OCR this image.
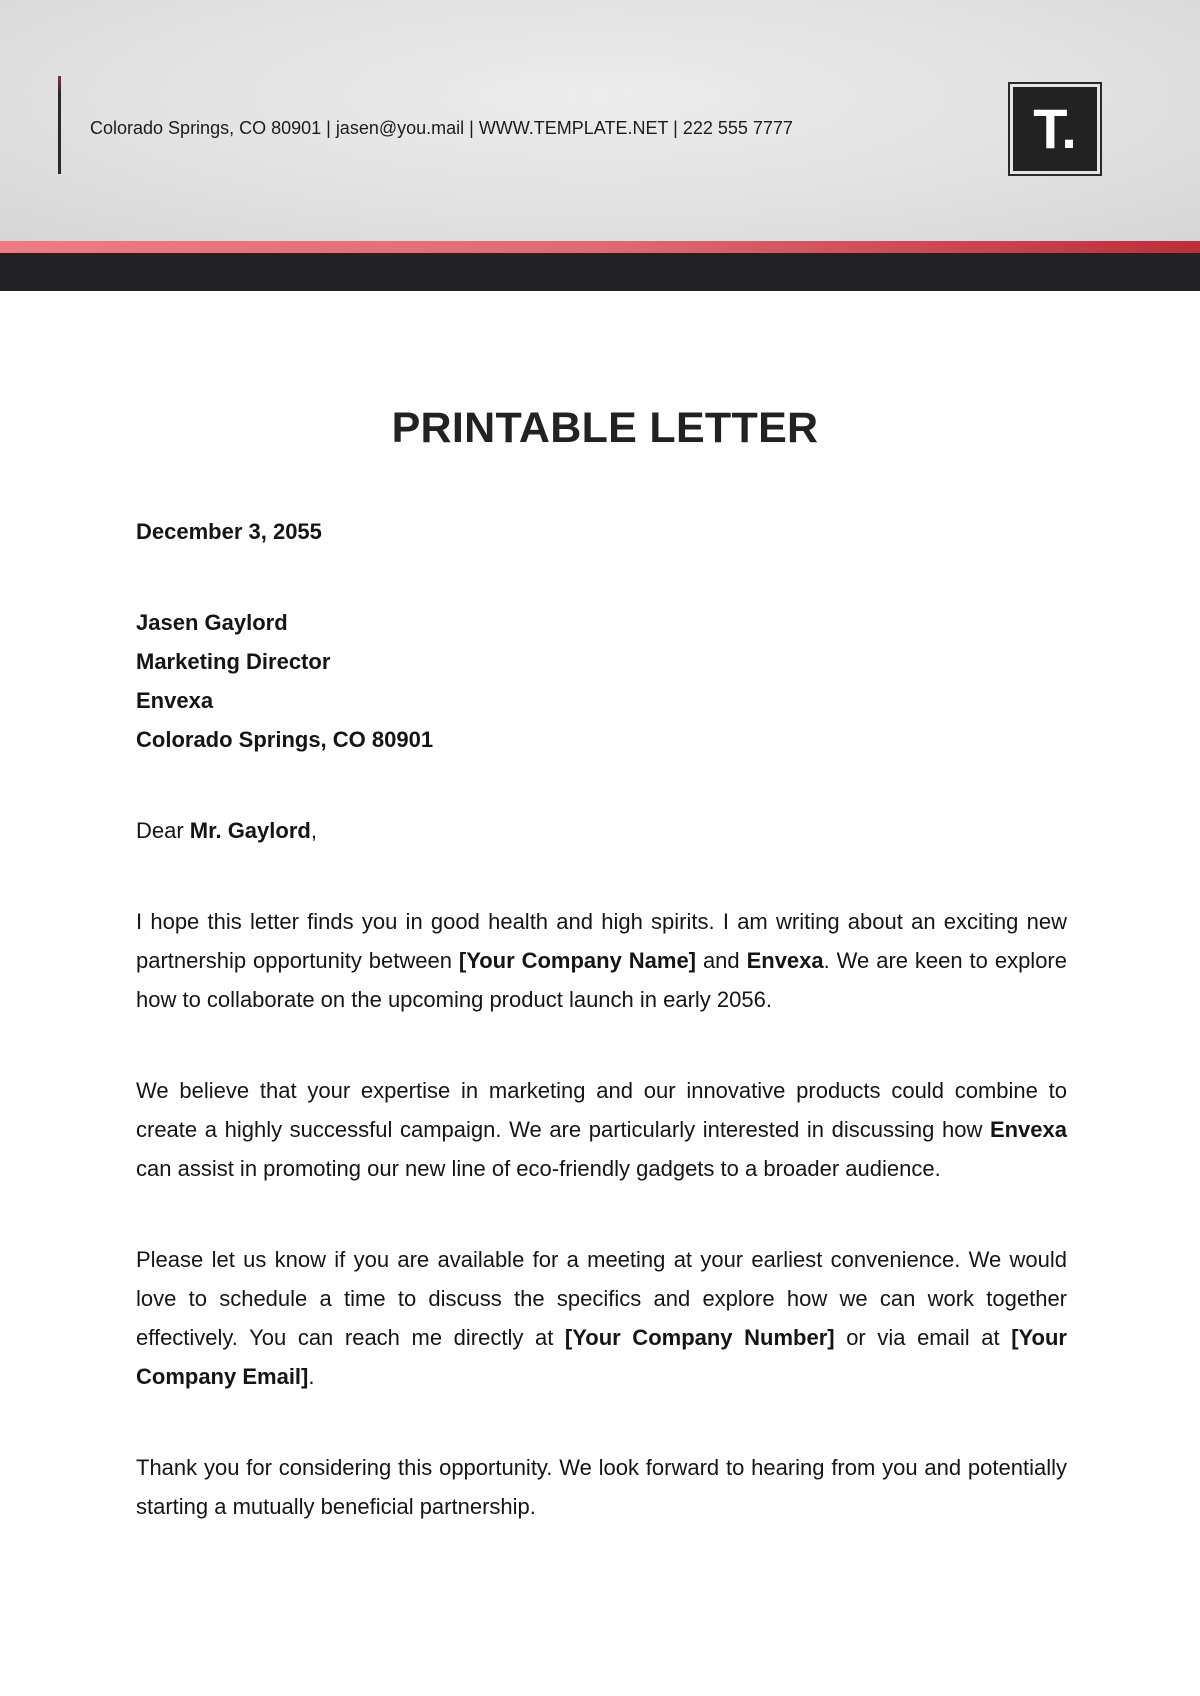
Colorado Springs, CO 80901 | jasen@you.mail | WWW.TEMPLATE.NET | 222 555 7777	T.
PRINTABLE LETTER

December 3, 2055

Jasen Gaylord
Marketing Director
Envexa
Colorado Springs, CO 80901

Dear Mr. Gaylord,

I hope this letter finds you in good health and high spirits. I am writing about an exciting new partnership opportunity between [Your Company Name] and Envexa. We are keen to explore how to collaborate on the upcoming product launch in early 2056.

We believe that your expertise in marketing and our innovative products could combine to create a highly successful campaign. We are particularly interested in discussing how Envexa can assist in promoting our new line of eco-friendly gadgets to a broader audience.

Please let us know if you are available for a meeting at your earliest convenience. We would love to schedule a time to discuss the specifics and explore how we can work together effectively. You can reach me directly at [Your Company Number] or via email at [Your Company Email].

Thank you for considering this opportunity. We look forward to hearing from you and potentially starting a mutually beneficial partnership.
